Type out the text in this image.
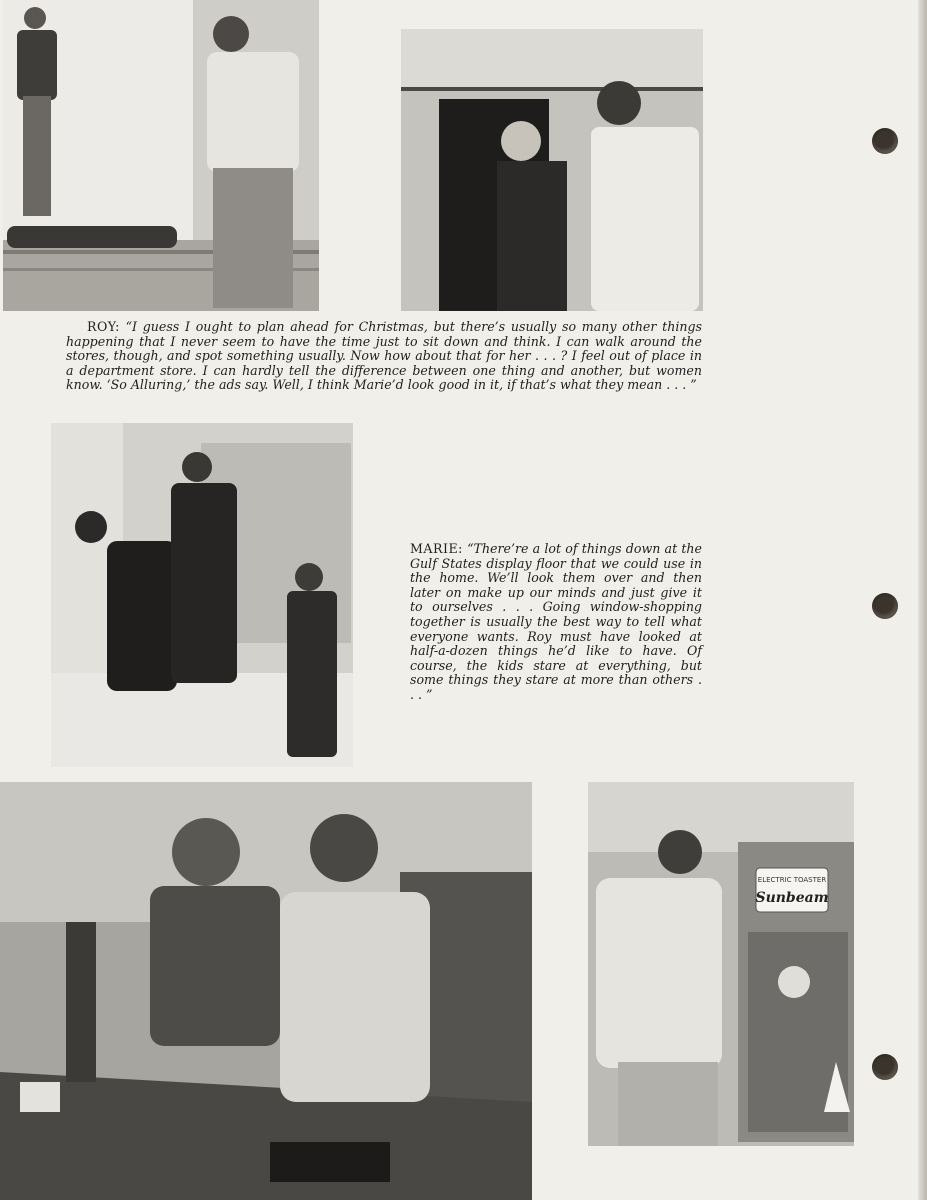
ROY: “I guess I ought to plan ahead for Christmas, but there’s usually so many other things happening that I never seem to have the time just to sit down and think. I can walk around the stores, though, and spot something usually. Now how about that for her . . . ? I feel out of place in a department store. I can hardly tell the difference between one thing and another, but women know. ‘So Alluring,’ the ads say. Well, I think Marie’d look good in it, if that’s what they mean . . . ”

MARIE: “There’re a lot of things down at the Gulf States display floor that we could use in the home. We’ll look them over and then later on make up our minds and just give it to ourselves . . . Going window-shopping together is usually the best way to tell what everyone wants. Roy must have looked at half-a-dozen things he’d like to have. Of course, the kids stare at everything, but some things they stare at more than others . . . ”

ELECTRIC TOASTER
Sunbeam
